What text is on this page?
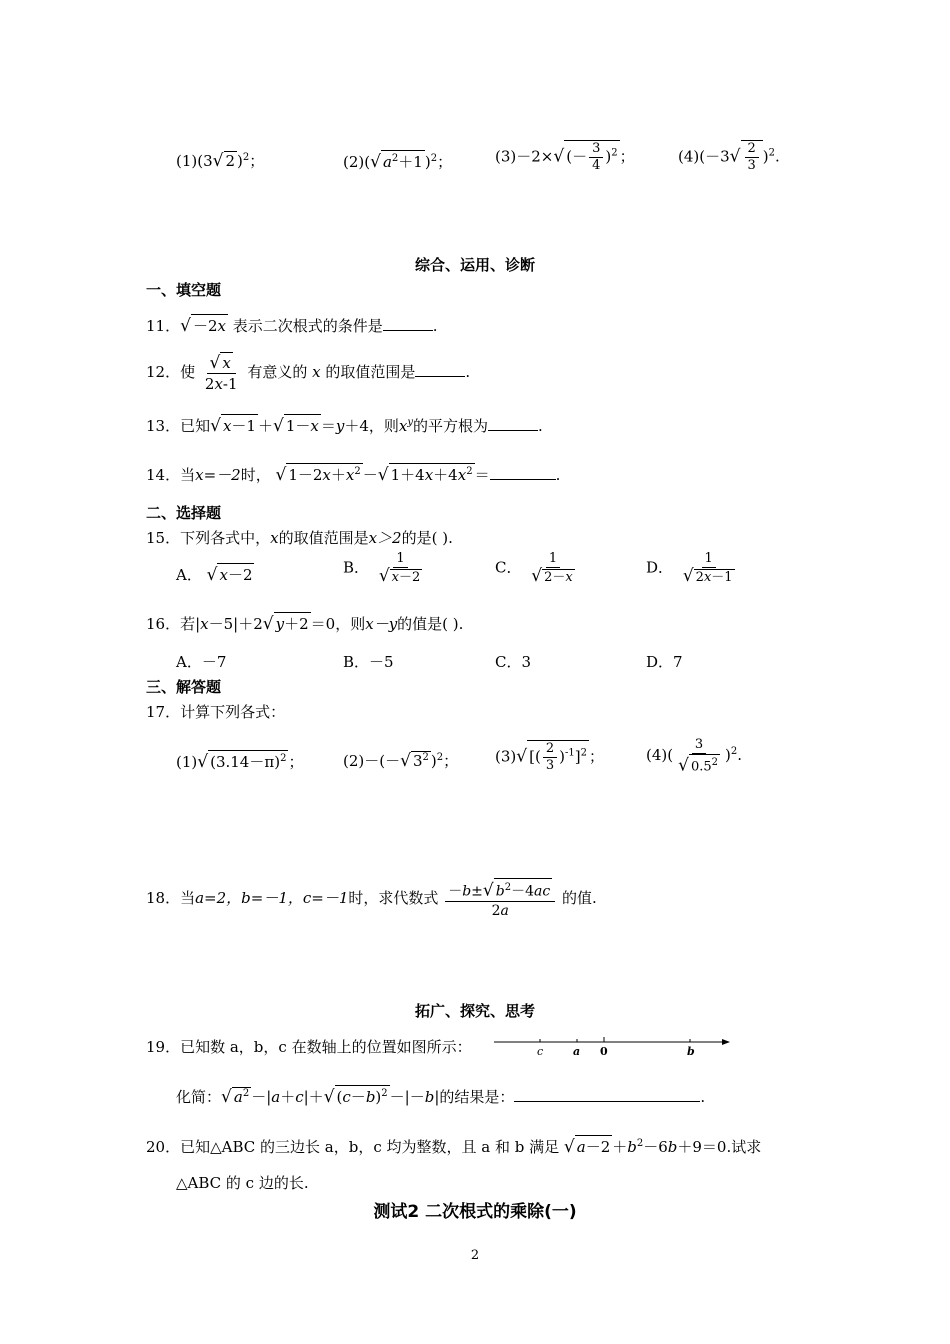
(1)(3√ 2 )$^2$；	(2)(√ $a^2+1$ )$^2$；	(3)－2×√ (－ $\frac{3}{4} )^2$ ；	$(4)(-3√ \frac{2}{3} )^2$.
综合、运用、诊断
一、填空题
11．√ －2x 表示二次根式的条件是	.
12．使 $\frac{√ x}{2x-1}$ 有意义的 x 的取值范围是	.
13．已知√ x－1 ＋√ 1－x ＝y＋4，则$x^y$的平方根为	.
14．当x=－2时， √ $1-2x+x^2$ －√ $1+4x+4x^2$ ＝	.
二、选择题
15．下列各式中，x的取值范围是x＞2的是( ).
A． √ x－2	B． $\frac{1}{√ x-2}$	C． $\frac{1}{√ 2-x}$	D． $\frac{1}{√ 2x-1}$
16．若|x－5|＋2√ y＋2 ＝0，则x－y的值是( ).
A．－7	B．－5	C．3	D．7
三、解答题
17．计算下列各式：
(1)√ $(3.14-\pi)^2$ ；	(2)－(－√ $3^2$ )$^2$； (3)√ [( $\frac{2}{3} )^{-1}]^2$ ；	$(4)( \frac{3}{√ 0.5^2} )^2$.
18．当a=2，b=－1，c=－1时，求代数式 $\frac{-b\pm√ b^2-4ac}{2a}$ 的值.
拓广、探究、思考
19．已知数 a，b，c 在数轴上的位置如图所示：	c	a 0	b
化简：√ $a^2 -|a+c|+√$ $(c-b)^2 -|-b|$的结果是：	.
20．已知△ABC 的三边长 a，b，c 均为整数，且 a 和 b 满足 √ $a-2 +b^2-6b+9=0$.试求
△ABC 的 c 边的长.
测试2 二次根式的乘除(一)
2
